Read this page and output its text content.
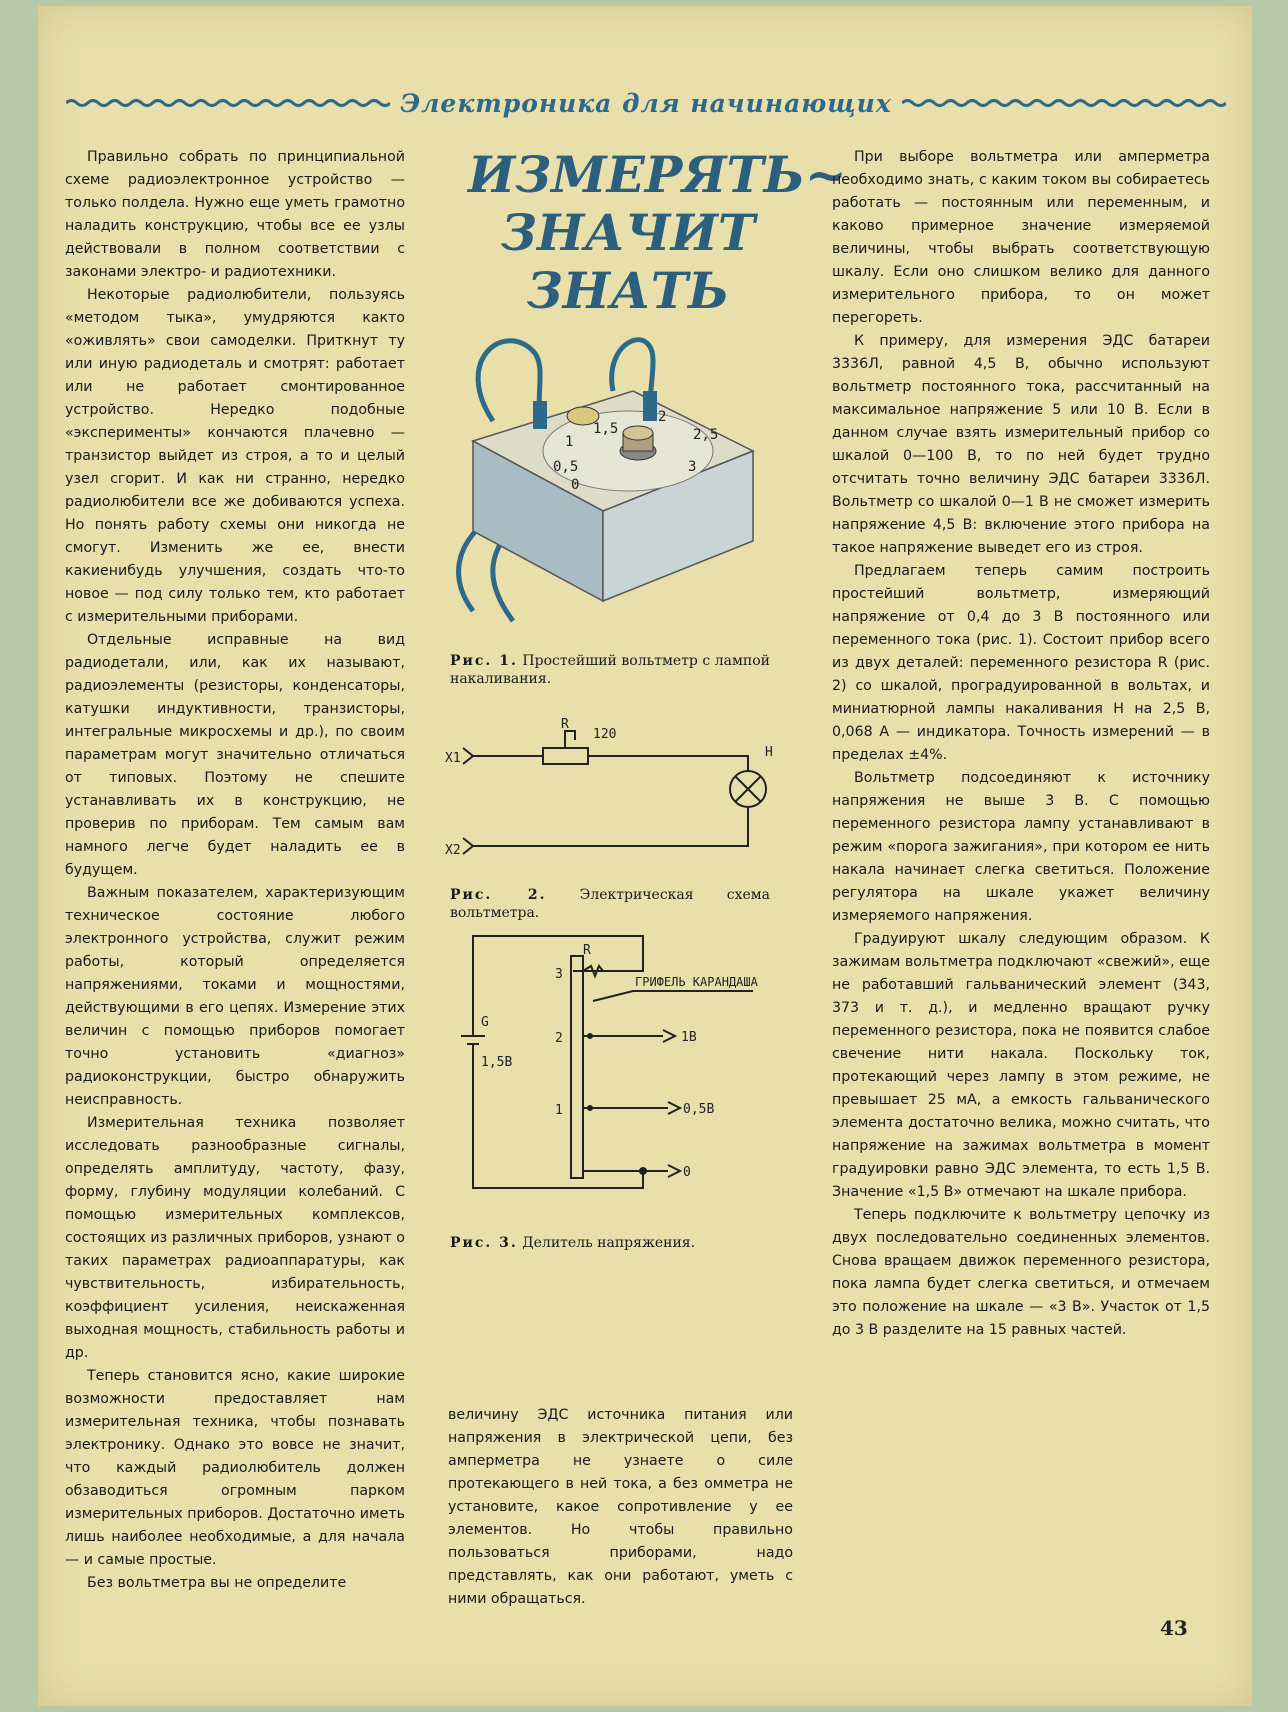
Электроника для начинающих

Правильно собрать по принципиальной схеме радиоэлектронное устройство — только полдела. Нужно еще уметь грамотно наладить конструкцию, чтобы все ее узлы действовали в полном соответствии с законами электро- и радиотехники.

Некоторые радиолюбители, пользуясь «методом тыка», умудряются както «оживлять» свои самоделки. Приткнут ту или иную радиодеталь и смотрят: работает или не работает смонтированное устройство. Нередко подобные «эксперименты» кончаются плачевно — транзистор выйдет из строя, а то и целый узел сгорит. И как ни странно, нередко радиолюбители все же добиваются успеха. Но понять работу схемы они никогда не смогут. Изменить же ее, внести какиенибудь улучшения, создать что-то новое — под силу только тем, кто работает с измерительными приборами.

Отдельные исправные на вид радиодетали, или, как их называют, радиоэлементы (резисторы, конденсаторы, катушки индуктивности, транзисторы, интегральные микросхемы и др.), по своим параметрам могут значительно отличаться от типовых. Поэтому не спешите устанавливать их в конструкцию, не проверив по приборам. Тем самым вам намного легче будет наладить ее в будущем.

Важным показателем, характеризующим техническое состояние любого электронного устройства, служит режим работы, который определяется напряжениями, токами и мощностями, действующими в его цепях. Измерение этих величин с помощью приборов помогает точно установить «диагноз» радиоконструкции, быстро обнаружить неисправность.

Измерительная техника позволяет исследовать разнообразные сигналы, определять амплитуду, частоту, фазу, форму, глубину модуляции колебаний. С помощью измерительных комплексов, состоящих из различных приборов, узнают о таких параметрах радиоаппаратуры, как чувствительность, избирательность, коэффициент усиления, неискаженная выходная мощность, стабильность работы и др.

Теперь становится ясно, какие широкие возможности предоставляет нам измерительная техника, чтобы познавать электронику. Однако это вовсе не значит, что каждый радиолюбитель должен обзаводиться огромным парком измерительных приборов. Достаточно иметь лишь наиболее необходимые, а для начала — и самые простые.

Без вольтметра вы не определите

ИЗМЕРЯТЬ~
ЗНАЧИТ
ЗНАТЬ
0
0,5
1
1,5
2
2,5
3
Рис. 1. Простейший вольтметр с лампой накаливания.
X1
X2
R
120
H
Рис. 2. Электрическая схема вольтметра.
R
3
2
1
G
1,5В
ГРИФЕЛЬ КАРАНДАША
1В
0,5В
0
Рис. 3. Делитель напряжения.

величину ЭДС источника питания или напряжения в электрической цепи, без амперметра не узнаете о силе протекающего в ней тока, а без омметра не установите, какое сопротивление у ее элементов. Но чтобы правильно пользоваться приборами, надо представлять, как они работают, уметь с ними обращаться.

При выборе вольтметра или амперметра необходимо знать, с каким током вы собираетесь работать — постоянным или переменным, и каково примерное значение измеряемой величины, чтобы выбрать соответствующую шкалу. Если оно слишком велико для данного измерительного прибора, то он может перегореть.

К примеру, для измерения ЭДС батареи 3336Л, равной 4,5 В, обычно используют вольтметр постоянного тока, рассчитанный на максимальное напряжение 5 или 10 В. Если в данном случае взять измерительный прибор со шкалой 0—100 В, то по ней будет трудно отсчитать точно величину ЭДС батареи 3336Л. Вольтметр со шкалой 0—1 В не сможет измерить напряжение 4,5 В: включение этого прибора на такое напряжение выведет его из строя.

Предлагаем теперь самим построить простейший вольтметр, измеряющий напряжение от 0,4 до 3 В постоянного или переменного тока (рис. 1). Состоит прибор всего из двух деталей: переменного резистора R (рис. 2) со шкалой, проградуированной в вольтах, и миниатюрной лампы накаливания Н на 2,5 В, 0,068 А — индикатора. Точность измерений — в пределах ±4%.

Вольтметр подсоединяют к источнику напряжения не выше 3 В. С помощью переменного резистора лампу устанавливают в режим «порога зажигания», при котором ее нить накала начинает слегка светиться. Положение регулятора на шкале укажет величину измеряемого напряжения.

Градуируют шкалу следующим образом. К зажимам вольтметра подключают «свежий», еще не работавший гальванический элемент (343, 373 и т. д.), и медленно вращают ручку переменного резистора, пока не появится слабое свечение нити накала. Поскольку ток, протекающий через лампу в этом режиме, не превышает 25 мА, а емкость гальванического элемента достаточно велика, можно считать, что напряжение на зажимах вольтметра в момент градуировки равно ЭДС элемента, то есть 1,5 В. Значение «1,5 В» отмечают на шкале прибора.

Теперь подключите к вольтметру цепочку из двух последовательно соединенных элементов. Снова вращаем движок переменного резистора, пока лампа будет слегка светиться, и отмечаем это положение на шкале — «3 В». Участок от 1,5 до 3 В разделите на 15 равных частей.

43
